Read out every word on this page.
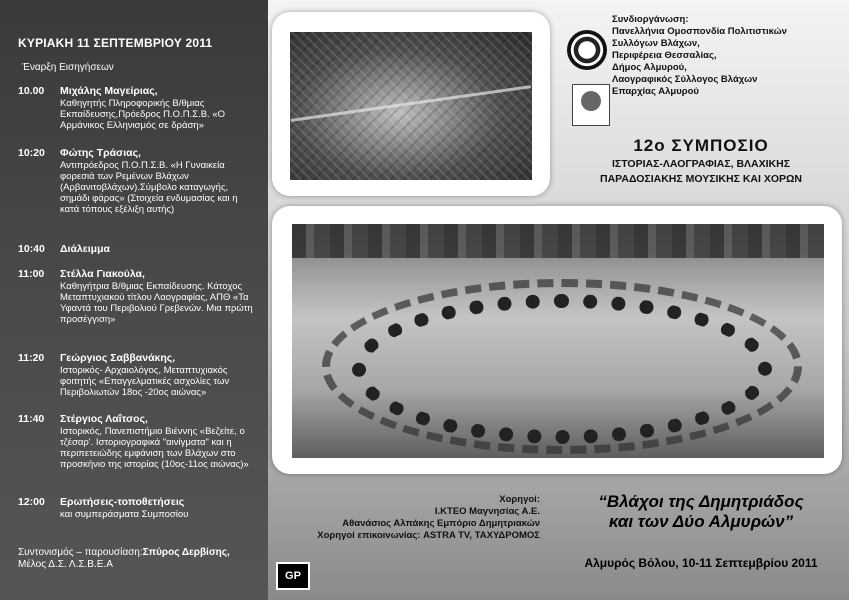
ΚΥΡΙΑΚΗ 11 ΣΕΠΤΕΜΒΡΙΟΥ 2011
Έναρξη Εισηγήσεων
10.00 Μιχάλης Μαγείριας,
Καθηγητής Πληροφορικής Β/θμιας Εκπαίδευσης,Πρόεδρος Π.Ο.Π.Σ.Β. «Ο Αρμάνικος Ελληνισμός σε δράση»
10:20 Φώτης Τράσιας,
Αντιπρόεδρος Π.Ο.Π.Σ.Β. «Η Γυναικεία φορεσιά των Ρεμένων Βλάχων (Αρβανιτοβλάχων).Σύμβολο καταγωγής, σημάδι φάρας» (Στοιχεία ενδυμασίας και η κατά τόπους εξέλιξη αυτής)
10:40 Διάλειμμα
11:00 Στέλλα Γιακούλα,
Καθηγήτρια Β/θμιας Εκπαίδευσης. Κάτοχος Μεταπτυχιακού τίτλου Λαογραφίας, ΑΠΘ «Τα Υφαντά του Περιβολιού Γρεβενών. Μια πρώτη προσέγγιση»
11:20 Γεώργιος Σαββανάκης,
Ιστορικός- Αρχαιολόγος, Μεταπτυχιακός φοιτητής «Επαγγελματικές ασχολίες των Περιβολιωτών 18ος -20ος αιώνας»
11:40 Στέργιος Λαΐτσος,
Ιστορικός, Πανεπιστήμιο Βιέννης «Βεζείτε, ο τζέσαρ'. Ιστοριογραφικά "αινίγματα" και η περιπετειώδης εμφάνιση των Βλάχων στο προσκήνιο της ιστορίας (10ος-11ος αιώνας)»
12:00 Ερωτήσεις-τοποθετήσεις
και συμπεράσματα Συμποσίου
Συντονισμός – παρουσίαση:Σπύρος Δερβίσης,
Μέλος Δ.Σ. Λ.Σ.Β.Ε.Α
Συνδιοργάνωση:
Πανελλήνια Ομοσπονδία Πολιτιστικών
Συλλόγων Βλάχων,
Περιφέρεια Θεσσαλίας,
Δήμος Αλμυρού,
Λαογραφικός Σύλλογος Βλάχων
Επαρχίας Αλμυρού
12ο ΣΥΜΠΟΣΙΟ
ΙΣΤΟΡΙΑΣ-ΛΑΟΓΡΑΦΙΑΣ, ΒΛΑΧΙΚΗΣ
ΠΑΡΑΔΟΣΙΑΚΗΣ ΜΟΥΣΙΚΗΣ ΚΑΙ ΧΟΡΩΝ
Χορηγοί:
Ι.ΚΤΕΟ Μαγνησίας Α.Ε.
Αθανάσιος Αλπάκης Εμπόριο Δημητριακών
Χορηγοί επικοινωνίας: ASTRA TV, ΤΑΧΥΔΡΟΜΟΣ
“Βλάχοι της Δημητριάδος
και των Δύο Αλμυρών”
Αλμυρός Βόλου, 10-11 Σεπτεμβρίου 2011
GP
